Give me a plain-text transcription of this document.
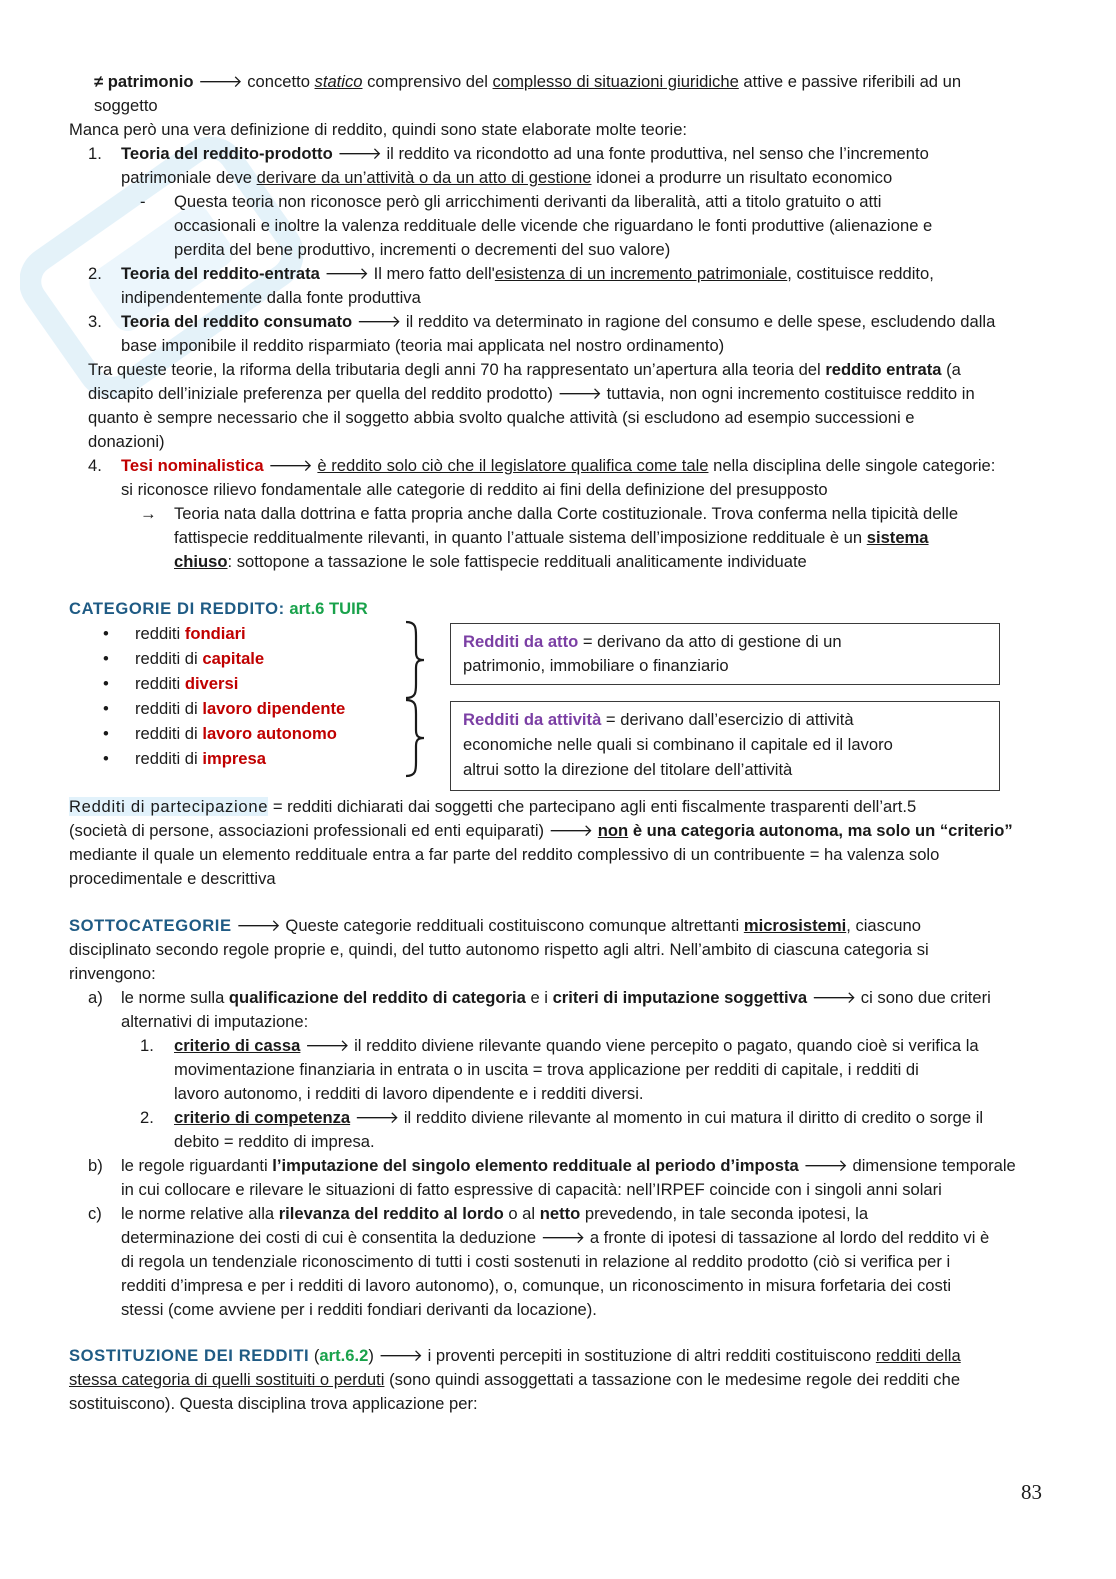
≠ patrimonio 🡒 concetto statico comprensivo del complesso di situazioni giuridiche attive e passive riferibili ad un
soggetto
Manca però una vera definizione di reddito, quindi sono state elaborate molte teorie:
1. Teoria del reddito-prodotto 🡒 il reddito va ricondotto ad una fonte produttiva, nel senso che l’incremento
patrimoniale deve derivare da un’attività o da un atto di gestione idonei a produrre un risultato economico
- Questa teoria non riconosce però gli arricchimenti derivanti da liberalità, atti a titolo gratuito o atti
occasionali e inoltre la valenza reddituale delle vicende che riguardano le fonti produttive (alienazione e
perdita del bene produttivo, incrementi o decrementi del suo valore)
2. Teoria del reddito-entrata 🡒 Il mero fatto dell'esistenza di un incremento patrimoniale, costituisce reddito,
indipendentemente dalla fonte produttiva
3. Teoria del reddito consumato 🡒 il reddito va determinato in ragione del consumo e delle spese, escludendo dalla
base imponibile il reddito risparmiato (teoria mai applicata nel nostro ordinamento)
Tra queste teorie, la riforma della tributaria degli anni 70 ha rappresentato un’apertura alla teoria del reddito entrata (a
discapito dell’iniziale preferenza per quella del reddito prodotto) 🡒 tuttavia, non ogni incremento costituisce reddito in
quanto è sempre necessario che il soggetto abbia svolto qualche attività (si escludono ad esempio successioni e
donazioni)
4. Tesi nominalistica 🡒 è reddito solo ciò che il legislatore qualifica come tale nella disciplina delle singole categorie:
si riconosce rilievo fondamentale alle categorie di reddito ai fini della definizione del presupposto
→ Teoria nata dalla dottrina e fatta propria anche dalla Corte costituzionale. Trova conferma nella tipicità delle
fattispecie redditualmente rilevanti, in quanto l’attuale sistema dell’imposizione reddituale è un sistema
chiuso: sottopone a tassazione le sole fattispecie reddituali analiticamente individuate
CATEGORIE DI REDDITO: art.6 TUIR
• redditi fondiari
• redditi di capitale
• redditi diversi
• redditi di lavoro dipendente
• redditi di lavoro autonomo
• redditi di impresa
Redditi da atto = derivano da atto di gestione di un
patrimonio, immobiliare o finanziario
Redditi da attività = derivano dall’esercizio di attività
economiche nelle quali si combinano il capitale ed il lavoro
altrui sotto la direzione del titolare dell’attività
Redditi di partecipazione = redditi dichiarati dai soggetti che partecipano agli enti fiscalmente trasparenti dell’art.5
(società di persone, associazioni professionali ed enti equiparati) 🡒 non è una categoria autonoma, ma solo un “criterio”
mediante il quale un elemento reddituale entra a far parte del reddito complessivo di un contribuente = ha valenza solo
procedimentale e descrittiva
SOTTOCATEGORIE 🡒 Queste categorie reddituali costituiscono comunque altrettanti microsistemi, ciascuno
disciplinato secondo regole proprie e, quindi, del tutto autonomo rispetto agli altri. Nell’ambito di ciascuna categoria si
rinvengono:
a) le norme sulla qualificazione del reddito di categoria e i criteri di imputazione soggettiva 🡒 ci sono due criteri
alternativi di imputazione:
1. criterio di cassa 🡒 il reddito diviene rilevante quando viene percepito o pagato, quando cioè si verifica la
movimentazione finanziaria in entrata o in uscita = trova applicazione per redditi di capitale, i redditi di
lavoro autonomo, i redditi di lavoro dipendente e i redditi diversi.
2. criterio di competenza 🡒 il reddito diviene rilevante al momento in cui matura il diritto di credito o sorge il
debito = reddito di impresa.
b) le regole riguardanti l’imputazione del singolo elemento reddituale al periodo d’imposta 🡒 dimensione temporale
in cui collocare e rilevare le situazioni di fatto espressive di capacità: nell’IRPEF coincide con i singoli anni solari
c) le norme relative alla rilevanza del reddito al lordo o al netto prevedendo, in tale seconda ipotesi, la
determinazione dei costi di cui è consentita la deduzione 🡒 a fronte di ipotesi di tassazione al lordo del reddito vi è
di regola un tendenziale riconoscimento di tutti i costi sostenuti in relazione al reddito prodotto (ciò si verifica per i
redditi d’impresa e per i redditi di lavoro autonomo), o, comunque, un riconoscimento in misura forfetaria dei costi
stessi (come avviene per i redditi fondiari derivanti da locazione).
SOSTITUZIONE DEI REDDITI (art.6.2) 🡒 i proventi percepiti in sostituzione di altri redditi costituiscono redditi della
stessa categoria di quelli sostituiti o perduti (sono quindi assoggettati a tassazione con le medesime regole dei redditi che
sostituiscono). Questa disciplina trova applicazione per:
83
